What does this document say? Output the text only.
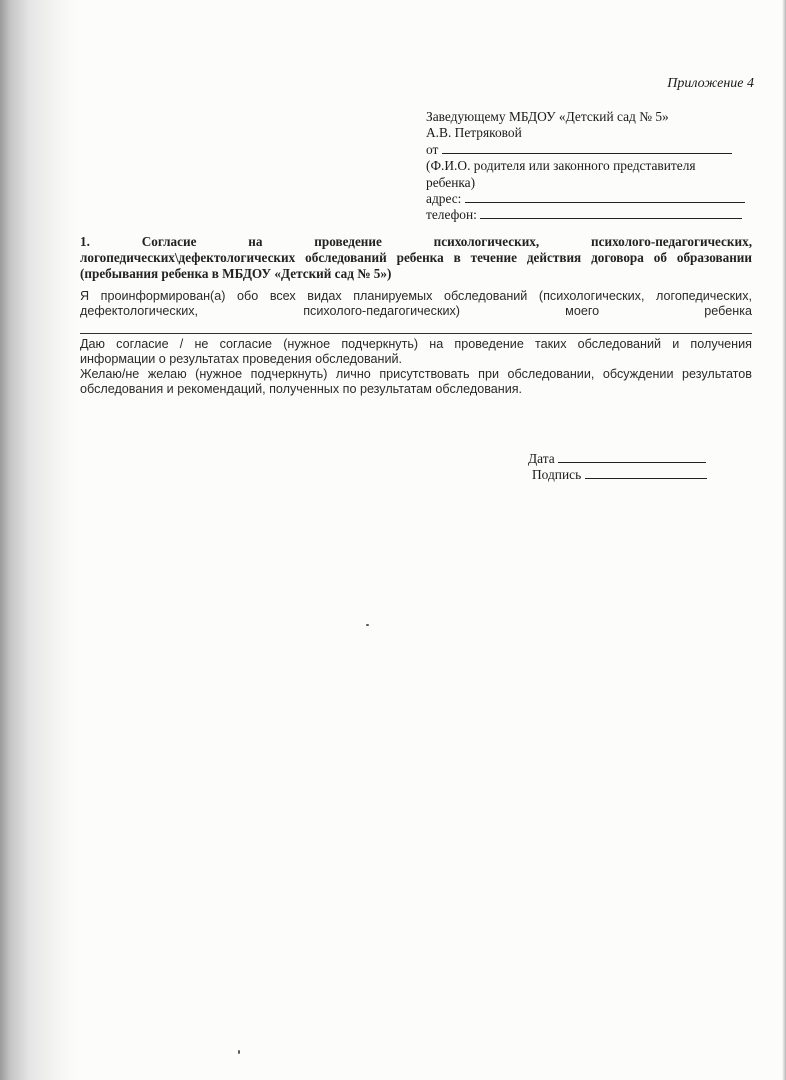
Приложение 4
Заведующему МБДОУ «Детский сад № 5»
А.В. Петряковой
от
(Ф.И.О. родителя или законного представителя
ребенка)
адрес:
телефон:
1. Согласие на проведение психологических, психолого-педагогических,
логопедических\дефектологических обследований ребенка в течение действия договора об образовании
(пребывания ребенка в МБДОУ «Детский сад № 5»)
Я проинформирован(а) обо всех видах планируемых обследований (психологических, логопедических,
дефектологических, психолого-педагогических) моего ребенка
Даю согласие / не согласие (нужное подчеркнуть) на проведение таких обследований и получения
информации о результатах проведения обследований.
Желаю/не желаю (нужное подчеркнуть) лично присутствовать при обследовании, обсуждении результатов
обследования и рекомендаций, полученных по результатам обследования.
Дата
Подпись
